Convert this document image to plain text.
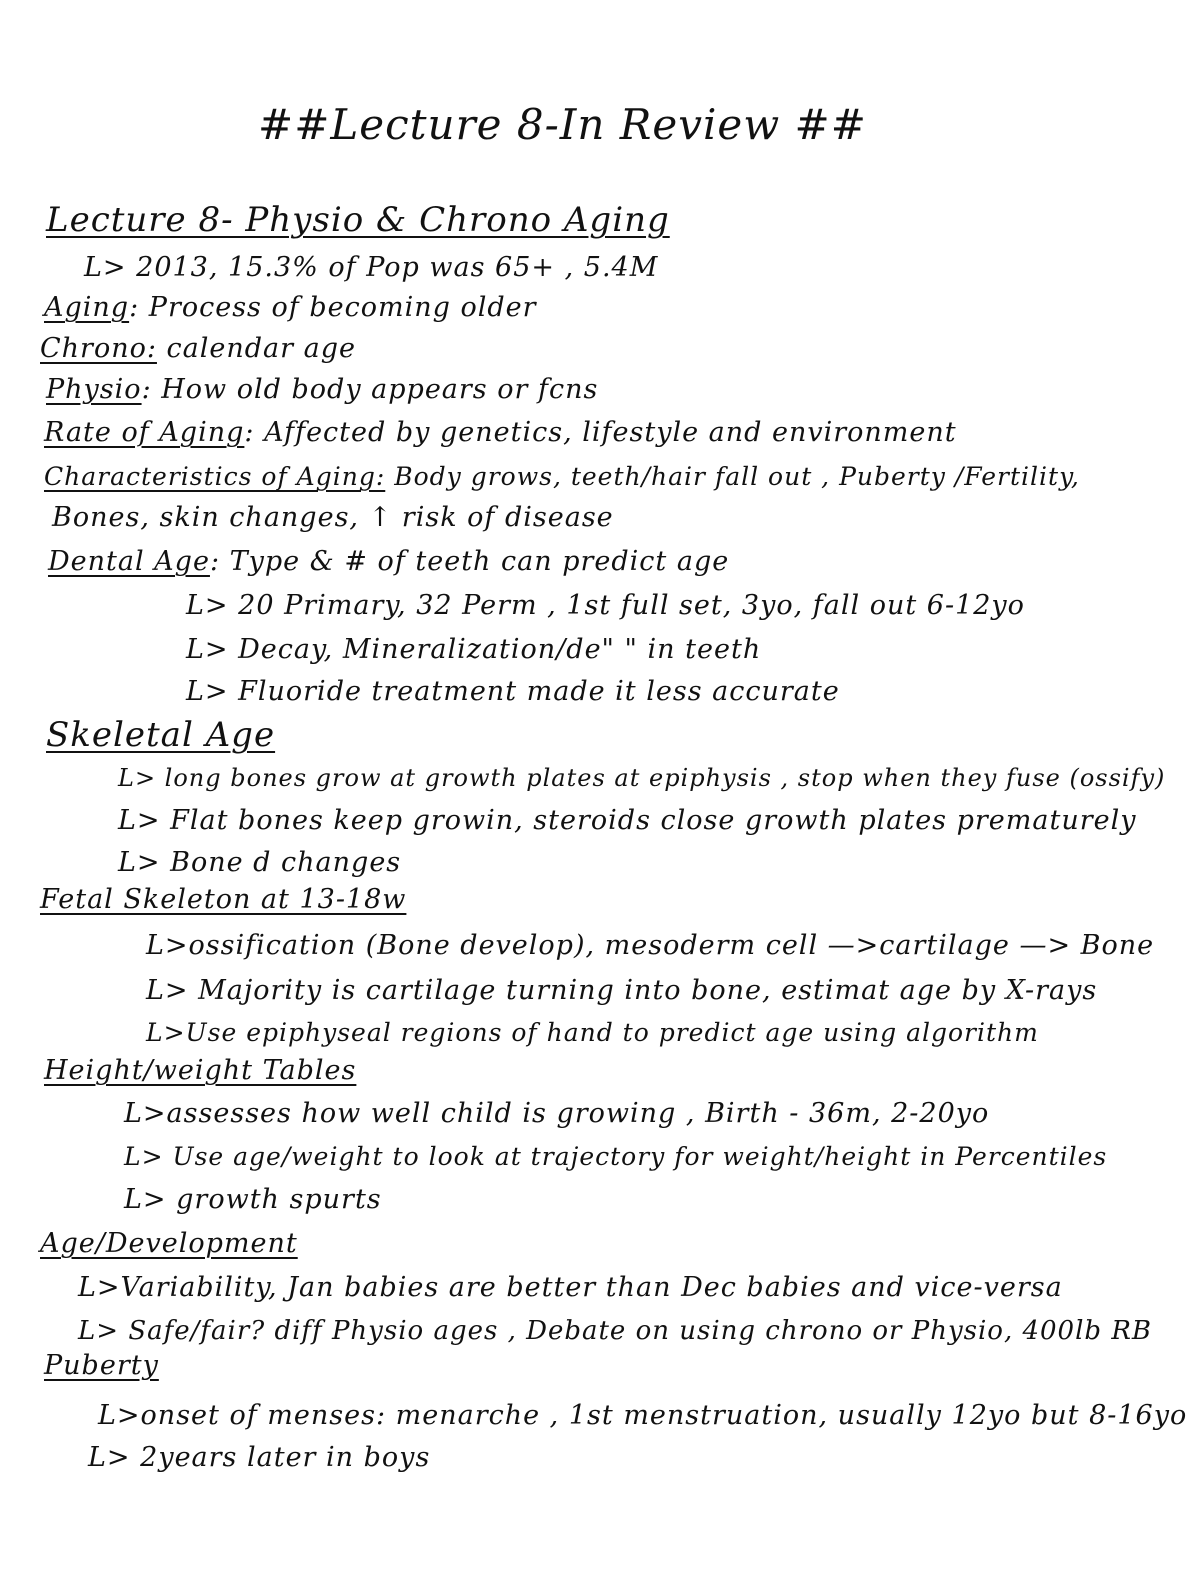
##Lecture 8-In Review ##
Lecture 8- Physio & Chrono Aging
L> 2013, 15.3% of Pop was 65+ , 5.4M
Aging: Process of becoming older
Chrono: calendar age
Physio: How old body appears or fcns
Rate of Aging: Affected by genetics, lifestyle and environment
Characteristics of Aging: Body grows, teeth/hair fall out , Puberty /Fertility,
Bones, skin changes, ↑ risk of disease
Dental Age: Type & # of teeth can predict age
L> 20 Primary, 32 Perm , 1st full set, 3yo, fall out 6-12yo
L> Decay, Mineralization/de" " in teeth
L> Fluoride treatment made it less accurate
Skeletal Age
L> long bones grow at growth plates at epiphysis , stop when they fuse (ossify)
L> Flat bones keep growin, steroids close growth plates prematurely
L> Bone d changes
Fetal Skeleton at 13-18w
L>ossification (Bone develop), mesoderm cell —>cartilage —> Bone
L> Majority is cartilage turning into bone, estimat age by X-rays
L>Use epiphyseal regions of hand to predict age using algorithm
Height/weight Tables
L>assesses how well child is growing , Birth - 36m, 2-20yo
L> Use age/weight to look at trajectory for weight/height in Percentiles
L> growth spurts
Age/Development
L>Variability, Jan babies are better than Dec babies and vice-versa
L> Safe/fair? diff Physio ages , Debate on using chrono or Physio, 400lb RB
Puberty
L>onset of menses: menarche , 1st menstruation, usually 12yo but 8-16yo
L> 2years later in boys
